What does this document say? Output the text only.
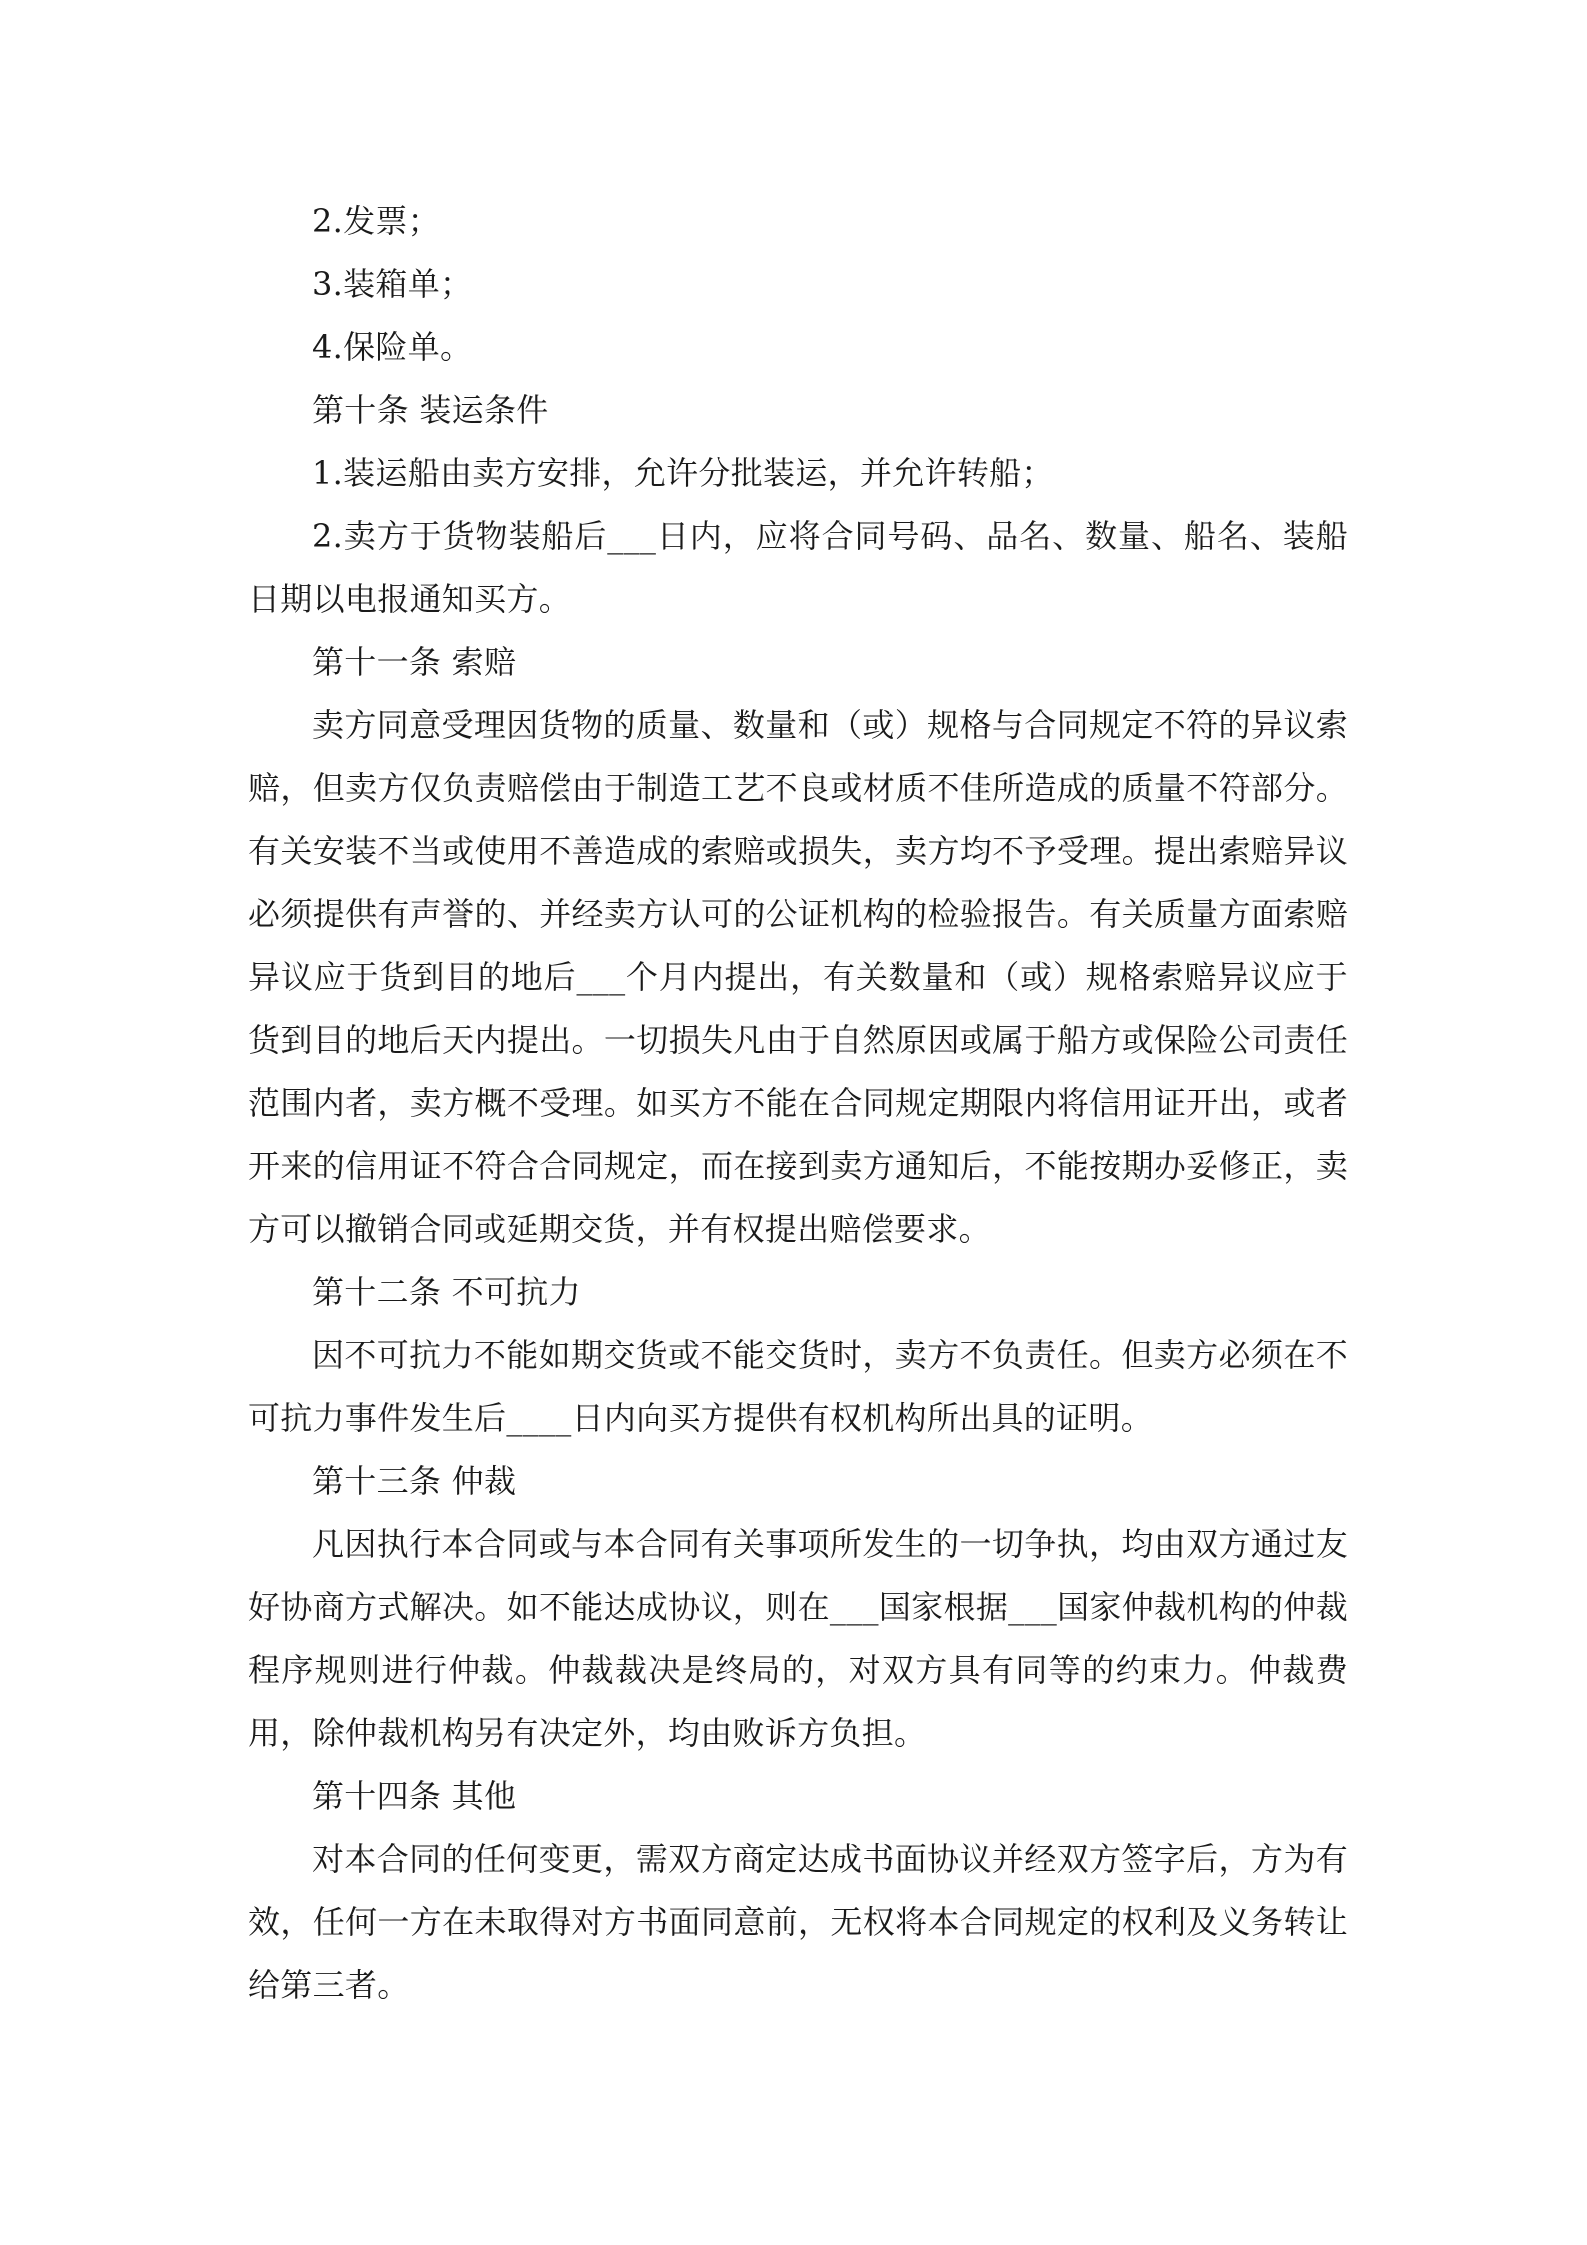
2.发票；

3.装箱单；

4.保险单。

第十条 装运条件

1.装运船由卖方安排，允许分批装运，并允许转船；

2.卖方于货物装船后___日内，应将合同号码、品名、数量、船名、装船日期以电报通知买方。

第十一条 索赔

卖方同意受理因货物的质量、数量和（或）规格与合同规定不符的异议索赔，但卖方仅负责赔偿由于制造工艺不良或材质不佳所造成的质量不符部分。有关安装不当或使用不善造成的索赔或损失，卖方均不予受理。提出索赔异议必须提供有声誉的、并经卖方认可的公证机构的检验报告。有关质量方面索赔异议应于货到目的地后___个月内提出，有关数量和（或）规格索赔异议应于货到目的地后天内提出。一切损失凡由于自然原因或属于船方或保险公司责任范围内者，卖方概不受理。如买方不能在合同规定期限内将信用证开出，或者开来的信用证不符合合同规定，而在接到卖方通知后，不能按期办妥修正，卖方可以撤销合同或延期交货，并有权提出赔偿要求。

第十二条 不可抗力

因不可抗力不能如期交货或不能交货时，卖方不负责任。但卖方必须在不可抗力事件发生后____日内向买方提供有权机构所出具的证明。

第十三条 仲裁

凡因执行本合同或与本合同有关事项所发生的一切争执，均由双方通过友好协商方式解决。如不能达成协议，则在___国家根据___国家仲裁机构的仲裁程序规则进行仲裁。仲裁裁决是终局的，对双方具有同等的约束力。仲裁费用，除仲裁机构另有决定外，均由败诉方负担。

第十四条 其他

对本合同的任何变更，需双方商定达成书面协议并经双方签字后，方为有效，任何一方在未取得对方书面同意前，无权将本合同规定的权利及义务转让给第三者。
